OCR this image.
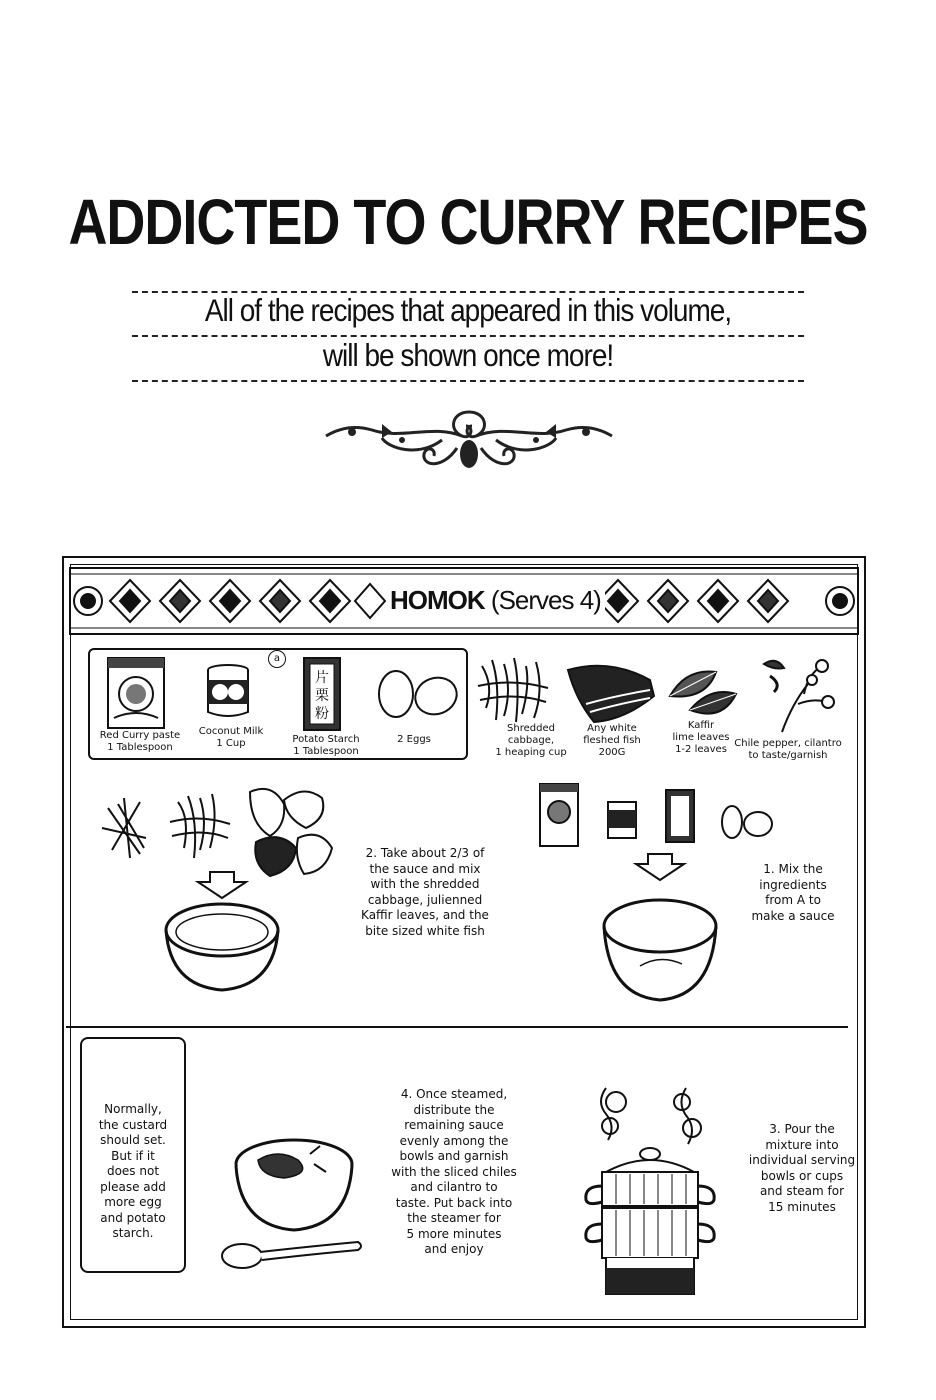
ADDICTED TO CURRY RECIPES
All of the recipes that appeared in this volume,
will be shown once more!
HOMOK (Serves 4)
a
片
栗
粉
Red Curry paste
1 Tablespoon
Coconut Milk
1 Cup	Potato Starch
1 Tablespoon
2 Eggs
Shredded
cabbage,
1 heaping cup
Any white
fleshed fish
200G
Kaffir
lime leaves
1-2 leaves
Chile pepper, cilantro
to taste/garnish
2. Take about 2/3 of
the sauce and mix
with the shredded
cabbage, julienned
Kaffir leaves, and the
bite sized white fish
1. Mix the
ingredients
from A to
make a sauce
Normally,
the custard
should set.
But if it
does not
please add
more egg
and potato
starch.
4. Once steamed,
distribute the
remaining sauce
evenly among the
bowls and garnish
with the sliced chiles
and cilantro to
taste. Put back into
the steamer for
5 more minutes
and enjoy
3. Pour the
mixture into
individual serving
bowls or cups
and steam for
15 minutes
